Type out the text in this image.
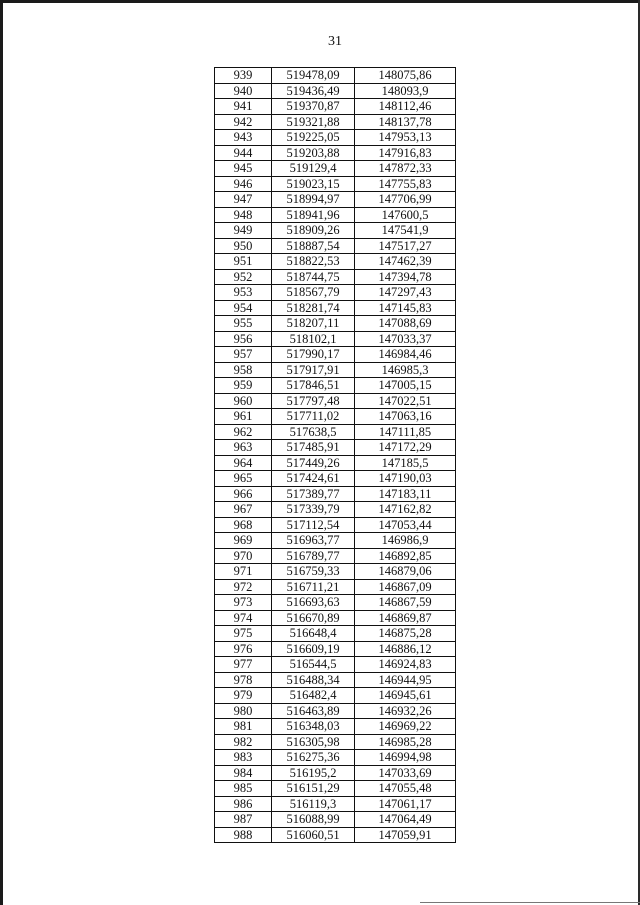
31
939	519478,09	148075,86
940	519436,49	148093,9
941	519370,87	148112,46
942	519321,88	148137,78
943	519225,05	147953,13
944	519203,88	147916,83
945	519129,4	147872,33
946	519023,15	147755,83
947	518994,97	147706,99
948	518941,96	147600,5
949	518909,26	147541,9
950	518887,54	147517,27
951	518822,53	147462,39
952	518744,75	147394,78
953	518567,79	147297,43
954	518281,74	147145,83
955	518207,11	147088,69
956	518102,1	147033,37
957	517990,17	146984,46
958	517917,91	146985,3
959	517846,51	147005,15
960	517797,48	147022,51
961	517711,02	147063,16
962	517638,5	147111,85
963	517485,91	147172,29
964	517449,26	147185,5
965	517424,61	147190,03
966	517389,77	147183,11
967	517339,79	147162,82
968	517112,54	147053,44
969	516963,77	146986,9
970	516789,77	146892,85
971	516759,33	146879,06
972	516711,21	146867,09
973	516693,63	146867,59
974	516670,89	146869,87
975	516648,4	146875,28
976	516609,19	146886,12
977	516544,5	146924,83
978	516488,34	146944,95
979	516482,4	146945,61
980	516463,89	146932,26
981	516348,03	146969,22
982	516305,98	146985,28
983	516275,36	146994,98
984	516195,2	147033,69
985	516151,29	147055,48
986	516119,3	147061,17
987	516088,99	147064,49
988	516060,51	147059,91
